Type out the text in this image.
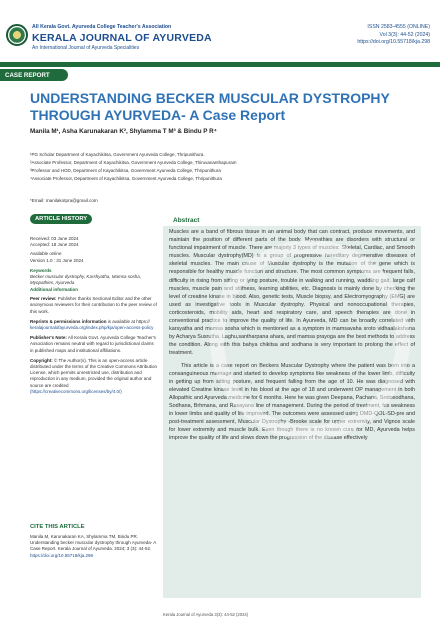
All Kerala Govt. Ayurveda College Teacher's Association
KERALA JOURNAL OF AYURVEDA
An International Journal of Ayurveda Specialities
ISSN 2583-4555 (ONLINE)
Vol 3(3): 44-52 (2024)
https://doi.org/10.55718/kja.298
CASE REPORT
UNDERSTANDING BECKER MUSCULAR DYSTROPHY THROUGH AYURVEDA- A Case Report
Manila M¹, Asha Karunakaran K², Shylamma T M³ & Bindu P R⁴
¹PG Scholar Department of Kayachikitsa, Government Ayurveda College, Thripunithura.
²Associate Professor, Department of Kayachikitsa, Government Ayurveda College, Thiruvananthapuram
³Professor and HOD, Department of Kayachikitsa, Government Ayurveda College, Thripunithura
⁴Associate Professor, Department of Kayachikitsa, Government Ayurveda College, Thripunithura
*Email: manilakotpra@gmail.com
ARTICLE HISTORY
Received: 03 June 2024
Accepted: 18 June 2024
Available online
Version 1.0 : 31 June 2024
Keywords
Becker muscular dystrophy, Karshyatha, Mamsa sosha, Myopathies, Ayurveda
Additional information
Peer review: Publisher thanks Sectional Editor and the other anonymous reviewers for their contribution to the peer review of this work.
Reprints & permissions information is available at https:// keralajournalofayurveda.org/index.php/kja/open-access-policy
Publisher's Note: All Kerala Govt. Ayurveda College Teacher's Association remains neutral with regard to jurisdictional claims in published maps and institutional affiliations.
Copyright: © The Author(s). This is an open-access article distributed under the terms of the Creative Commons Attribution License, which permits unrestricted use, distribution and reproduction in any medium, provided the original author and source are credited (https://creativecommons.org/licenses/by/4.0/)
CITE THIS ARTICLE
Manila M, Karunakaran KA, Shylamma TM, Bindu PR. Understanding becker muscular dystrophy through Ayurveda- A Case Report. Kerala Journal of Ayurveda. 2024; 3 (3): 44-52.
https://doi.org/10.55718/kja.298
Abstract

Muscles are a band of fibrous tissue in an animal body that can contract, produce movements, and maintain the position of different parts of the body. Myopathies are disorders with structural or functional impairment of muscle. There are majorly 3 types of muscles: Skeletal, Cardiac, and Smooth muscles. Muscular dystrophy(MD) is a group of progressive hereditary degenerative diseases of skeletal muscles. The main cause of Muscular dystrophy is the mutation of the gene which is responsible for healthy muscle function and structure. The most common symptoms are frequent falls, difficulty in rising from sitting or lying posture, trouble in walking and running, waddling gait, large calf muscles, muscle pain and stiffness, learning abilities, etc. Diagnosis is mainly done by checking the level of creatine kinase in blood. Also, genetic tests, Muscle biopsy, and Electromyography (EMG) are used as investigative tools in Muscular dystrophy. Physical and nonoccupational therapies, corticosteroids, mobility aids, heart and respiratory care, and speech therapies are done in conventional practice to improve the quality of life. In Ayurveda, MD can be broadly correlated with karsyatha and mamsa sosha which is mentioned as a symptom in mamsavaha sroto vidhaalakshana by Acharya Susrutha. Laghu,santharpana ahara, and mamsa prayoga are the best methods to address the condition. Along with this bahya chikitsa and sodhana is very important to prolong the effect of treatment.

This article is a case report on Beckers Muscular Dystrophy where the patient was born into a consanguineous marriage and started to develop symptoms like weakness of the lower limb, difficulty in getting up from sitting posture, and frequent falling from the age of 10. He was diagnosed with elevated Creatine kinase level in his blood at the age of 18 and underwent OP management in both Allopathic and Ayurveda medicine for 6 months. Here he was given Deepana, Pachana, Srotosodhana, Sodhana, Brhmana, and Rasayana line of management. During the period of treatment, his weakness in lower limbs and quality of life improved. The outcomes were assessed using DMD-QOL-SD-pre and post-treatment assessment, Muscular Dystrophy -Brooke scale for upper extremity, and Vignos scale for lower extremity and muscle bulk. Even though there is no known cure for MD, Ayurveda helps improve the quality of life and slows down the progression of the disease effectively

Kerala Journal of Ayurveda 3(3): 44-52 (2024)
